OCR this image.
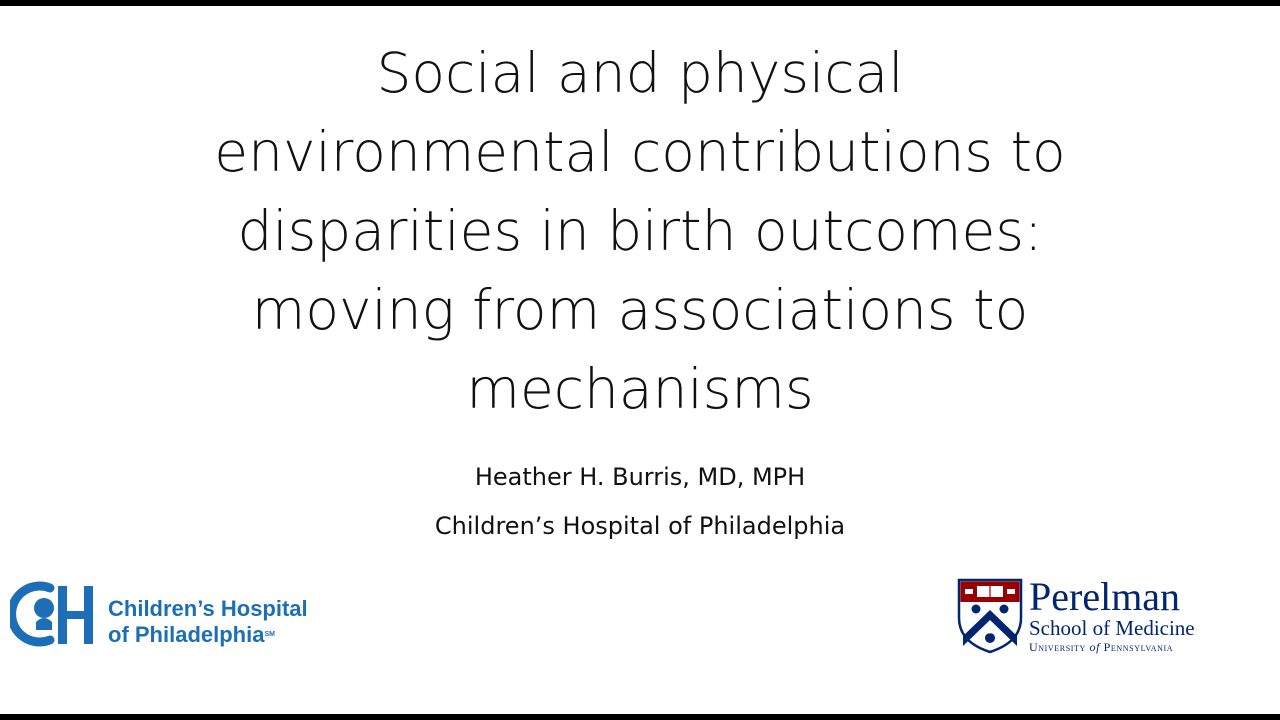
Social and physical
environmental contributions to
disparities in birth outcomes:
moving from associations to
mechanisms
Heather H. Burris, MD, MPH
Children’s Hospital of Philadelphia
Children’s Hospital
of Philadelphia℠
Perelman
School of Medicine
University of Pennsylvania
